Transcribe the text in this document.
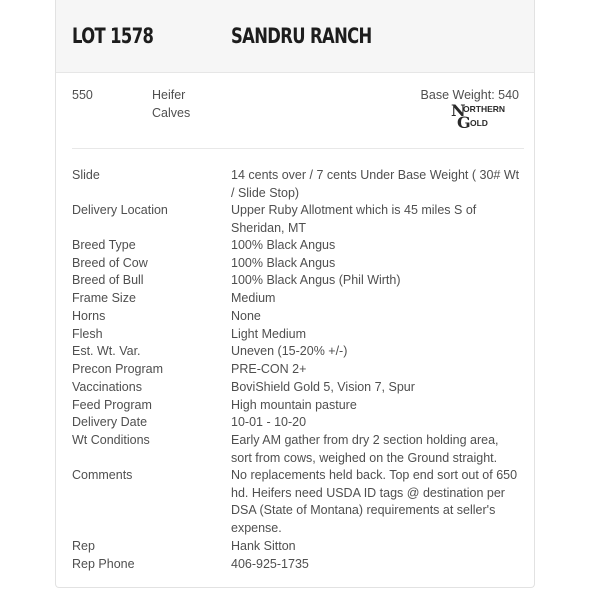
LOT 1578	SANDRU RANCH
550	Heifer Calves
Base Weight: 540
N
ORTHERN
G OLD
Slide	14 cents over / 7 cents Under Base Weight ( 30# Wt / Slide Stop)
Delivery Location	Upper Ruby Allotment which is 45 miles S of Sheridan, MT
Breed Type	100% Black Angus
Breed of Cow	100% Black Angus
Breed of Bull	100% Black Angus (Phil Wirth)
Frame Size	Medium
Horns	None
Flesh	Light Medium
Est. Wt. Var.	Uneven (15-20% +/-)
Precon Program	PRE-CON 2+
Vaccinations	BoviShield Gold 5, Vision 7, Spur
Feed Program	High mountain pasture
Delivery Date	10-01 - 10-20
Wt Conditions	Early AM gather from dry 2 section holding area, sort from cows, weighed on the Ground straight.
Comments	No replacements held back. Top end sort out of 650 hd. Heifers need USDA ID tags @ destination per DSA (State of Montana) requirements at seller's expense.
Rep	Hank Sitton
Rep Phone	406-925-1735
